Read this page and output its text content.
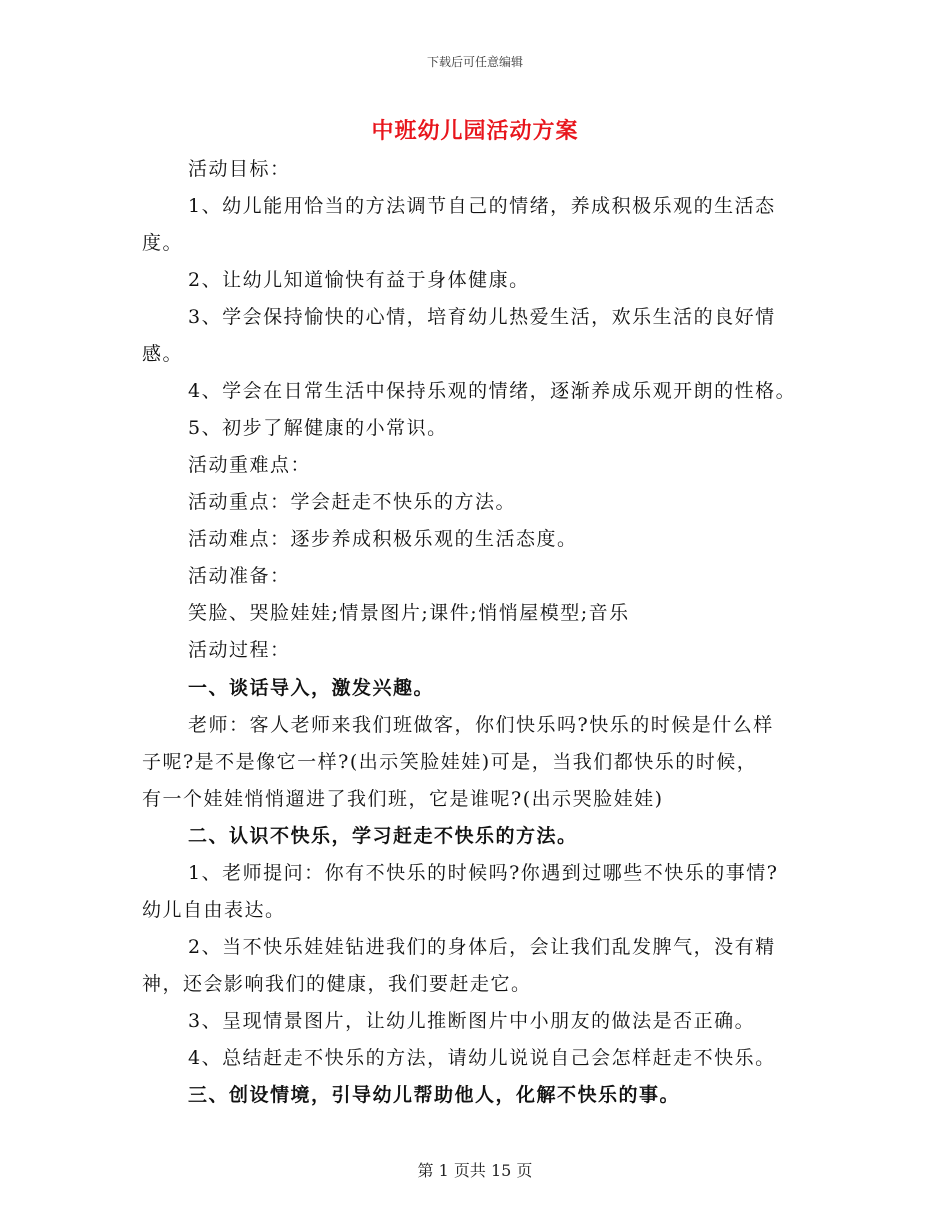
下载后可任意编辑
中班幼儿园活动方案
活动目标：
1、幼儿能用恰当的方法调节自己的情绪，养成积极乐观的生活态
度。
2、让幼儿知道愉快有益于身体健康。
3、学会保持愉快的心情，培育幼儿热爱生活，欢乐生活的良好情
感。
4、学会在日常生活中保持乐观的情绪，逐渐养成乐观开朗的性格。
5、初步了解健康的小常识。
活动重难点：
活动重点：学会赶走不快乐的方法。
活动难点：逐步养成积极乐观的生活态度。
活动准备：
笑脸、哭脸娃娃;情景图片;课件;悄悄屋模型;音乐
活动过程：
一、谈话导入，激发兴趣。
老师：客人老师来我们班做客，你们快乐吗?快乐的时候是什么样
子呢?是不是像它一样?(出示笑脸娃娃)可是，当我们都快乐的时候，
有一个娃娃悄悄遛进了我们班，它是谁呢?(出示哭脸娃娃)
二、认识不快乐，学习赶走不快乐的方法。
1、老师提问：你有不快乐的时候吗?你遇到过哪些不快乐的事情?
幼儿自由表达。
2、当不快乐娃娃钻进我们的身体后，会让我们乱发脾气，没有精
神，还会影响我们的健康，我们要赶走它。
3、呈现情景图片，让幼儿推断图片中小朋友的做法是否正确。
4、总结赶走不快乐的方法，请幼儿说说自己会怎样赶走不快乐。
三、创设情境，引导幼儿帮助他人，化解不快乐的事。
第 1 页共 15 页
